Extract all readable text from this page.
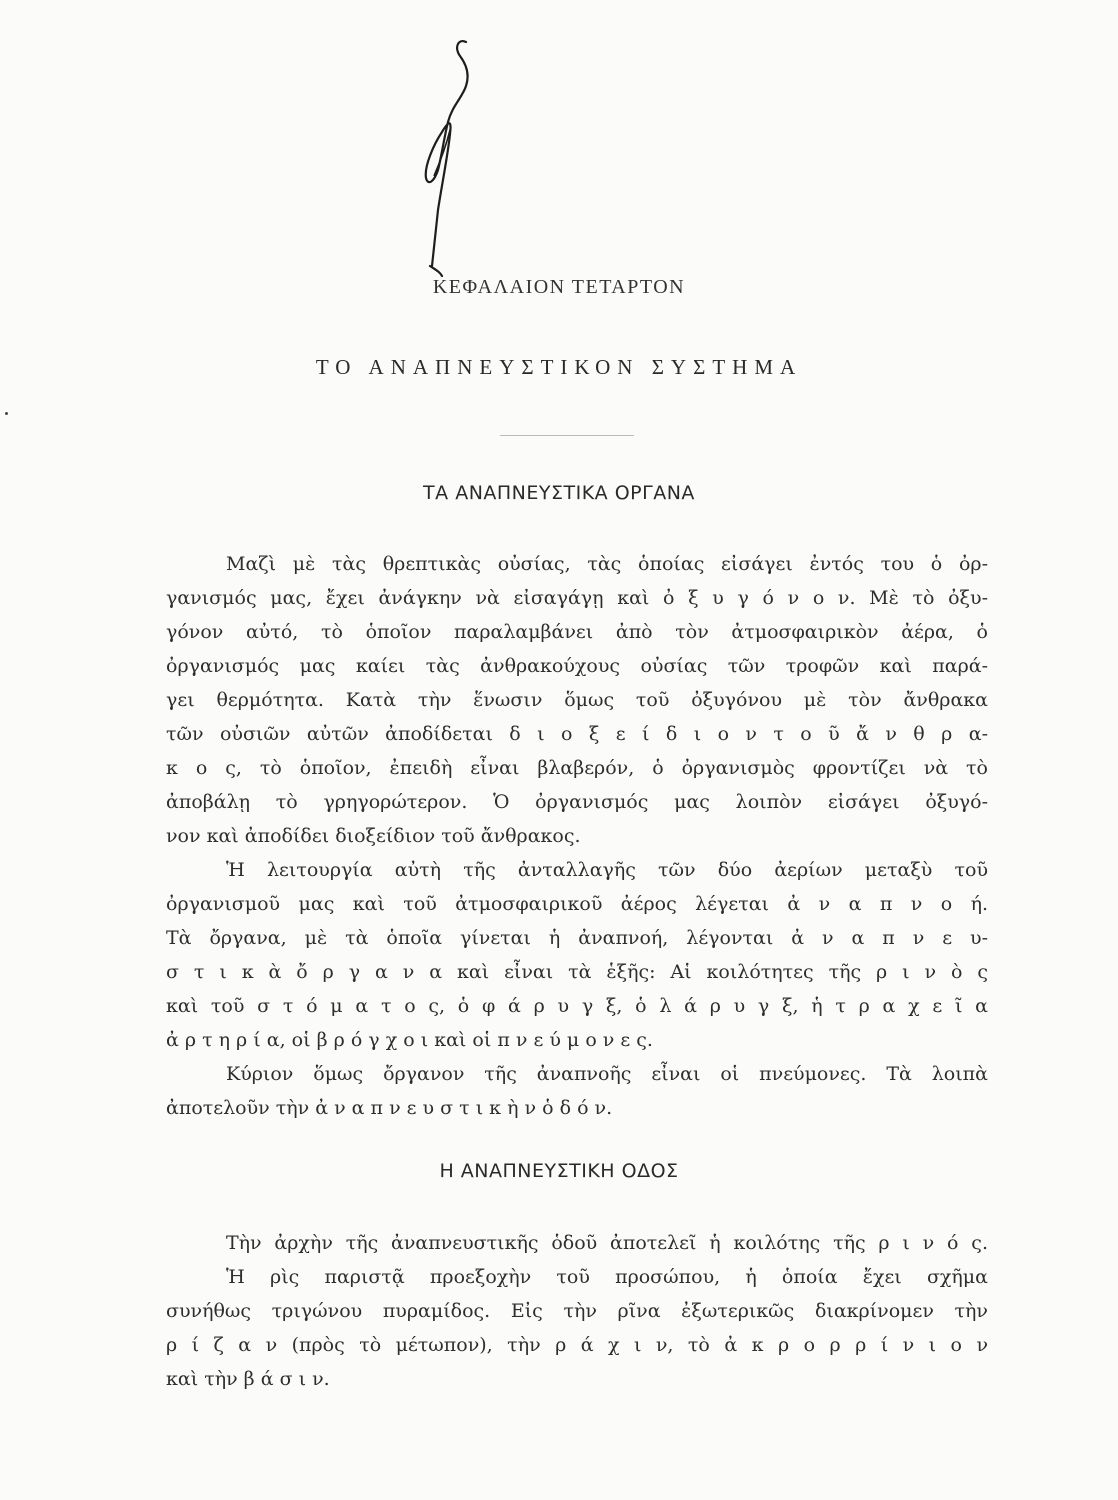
ΚΕΦΑΛΑΙΟΝ ΤΕΤΑΡΤΟΝ
ΤΟ ΑΝΑΠΝΕΥΣΤΙΚΟΝ ΣΥΣΤΗΜΑ
ΤΑ ΑΝΑΠΝΕΥΣΤΙΚΑ ΟΡΓΑΝΑ
Μαζὶ μὲ τὰς θρεπτικὰς οὐσίας, τὰς ὁποίας εἰσάγει ἐντός του ὁ ὀρ-
γανισμός μας, ἔχει ἀνάγκην νὰ εἰσαγάγῃ καὶ ὀ ξ υ γ ό ν ο ν. Μὲ τὸ ὀξυ-
γόνον αὐτό, τὸ ὁποῖον παραλαμβάνει ἀπὸ τὸν ἀτμοσφαιρικὸν ἀέρα, ὁ
ὀργανισμός μας καίει τὰς ἀνθρακούχους οὐσίας τῶν τροφῶν καὶ παρά-
γει θερμότητα. Κατὰ τὴν ἕνωσιν ὅμως τοῦ ὀξυγόνου μὲ τὸν ἄνθρακα
τῶν οὐσιῶν αὐτῶν ἀποδίδεται δ ι ο ξ ε ί δ ι ο ν τ ο ῦ ἄ ν θ ρ α-
κ ο ς, τὸ ὁποῖον, ἐπειδὴ εἶναι βλαβερόν, ὁ ὀργανισμὸς φροντίζει νὰ τὸ
ἀποβάλῃ τὸ γρηγορώτερον. Ὁ ὀργανισμός μας λοιπὸν εἰσάγει ὀξυγό-
νον καὶ ἀποδίδει διοξείδιον τοῦ ἄνθρακος.
Ἡ λειτουργία αὐτὴ τῆς ἀνταλλαγῆς τῶν δύο ἀερίων μεταξὺ τοῦ
ὀργανισμοῦ μας καὶ τοῦ ἀτμοσφαιρικοῦ ἀέρος λέγεται ἀ ν α π ν ο ή.
Τὰ ὄργανα, μὲ τὰ ὁποῖα γίνεται ἡ ἀναπνοή, λέγονται ἀ ν α π ν ε υ-
σ τ ι κ ὰ ὄ ρ γ α ν α καὶ εἶναι τὰ ἑξῆς: Αἱ κοιλότητες τῆς ρ ι ν ὸ ς
καὶ τοῦ σ τ ό μ α τ ο ς, ὁ φ ά ρ υ γ ξ, ὁ λ ά ρ υ γ ξ, ἡ τ ρ α χ ε ῖ α
ἀ ρ τ η ρ ί α, οἱ β ρ ό γ χ ο ι καὶ οἱ π ν ε ύ μ ο ν ε ς.
Κύριον ὅμως ὄργανον τῆς ἀναπνοῆς εἶναι οἱ πνεύμονες. Τὰ λοιπὰ
ἀποτελοῦν τὴν ἀ ν α π ν ε υ σ τ ι κ ὴ ν ὁ δ ό ν.
Η ΑΝΑΠΝΕΥΣΤΙΚΗ ΟΔΟΣ
Τὴν ἀρχὴν τῆς ἀναπνευστικῆς ὁδοῦ ἀποτελεῖ ἡ κοιλότης τῆς ρ ι ν ό ς.
Ἡ ρὶς παριστᾷ προεξοχὴν τοῦ προσώπου, ἡ ὁποία ἔχει σχῆμα
συνήθως τριγώνου πυραμίδος. Εἰς τὴν ρῖνα ἐξωτερικῶς διακρίνομεν τὴν
ρ ί ζ α ν (πρὸς τὸ μέτωπον), τὴν ρ ά χ ι ν, τὸ ἀ κ ρ ο ρ ρ ί ν ι ο ν
καὶ τὴν β ά σ ι ν.
